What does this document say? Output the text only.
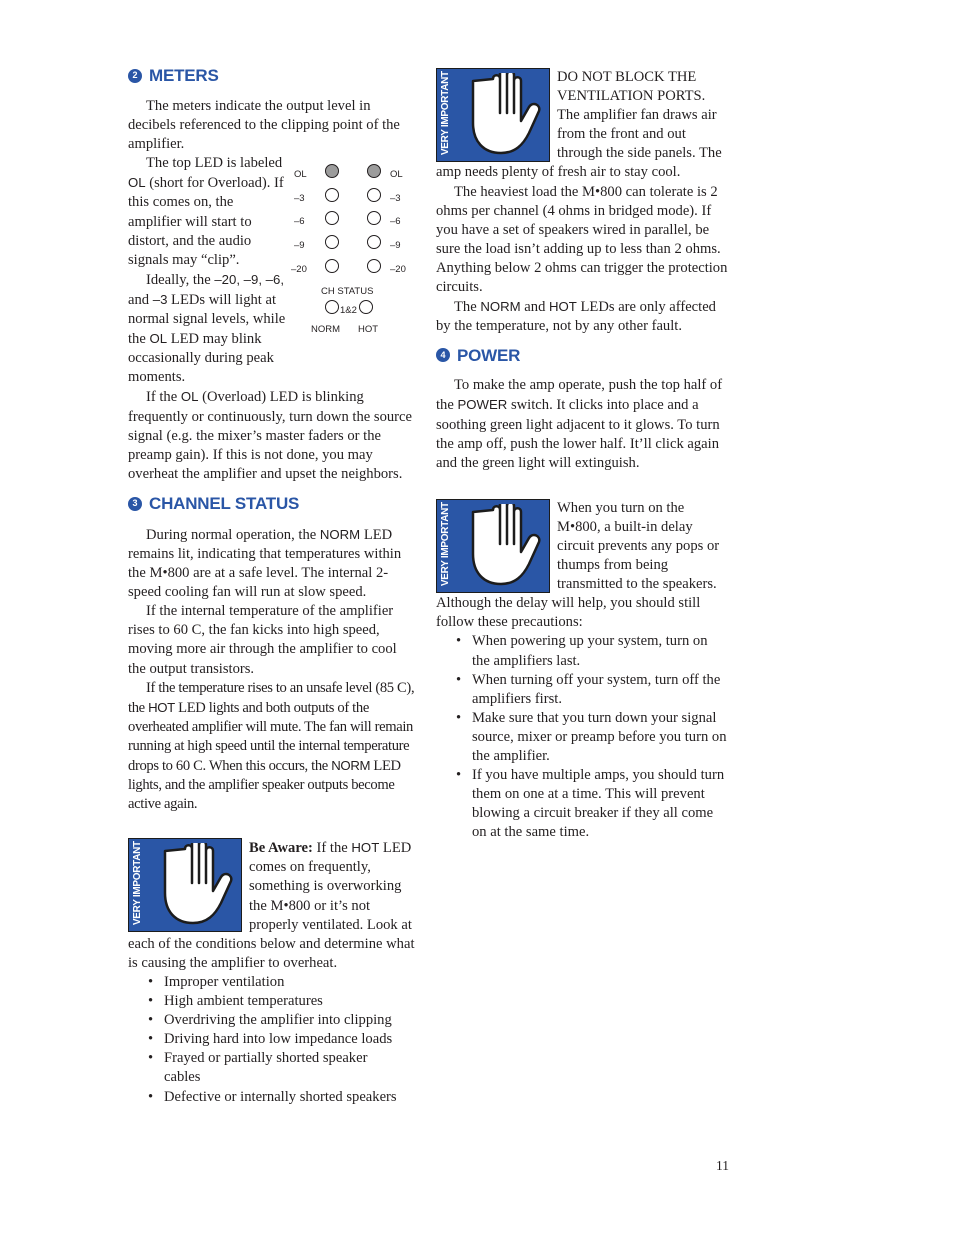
2 METERS

The meters indicate the output level in decibels referenced to the clipping point of the amplifier.

OL
–3
–6
–9
–20
OL
–3
–6
–9
–20
CH STATUS
1&2
NORM HOT

The top LED is labeled OL (short for Overload). If this comes on, the amplifier will start to distort, and the audio signals may “clip”.

Ideally, the –20, –9, –6, and –3 LEDs will light at normal signal levels, while the OL LED may blink occasionally during peak moments.

If the OL (Overload) LED is blinking frequently or continuously, turn down the source signal (e.g. the mixer’s master faders or the preamp gain). If this is not done, you may overheat the amplifier and upset the neighbors.

3 CHANNEL STATUS

During normal operation, the NORM LED remains lit, indicating that temperatures within the M•800 are at a safe level. The internal 2-speed cooling fan will run at slow speed.

If the internal temperature of the amplifier rises to 60 C, the fan kicks into high speed, moving more air through the amplifier to cool the output transistors.

If the temperature rises to an unsafe level (85 C), the HOT LED lights and both outputs of the overheated amplifier will mute. The fan will remain running at high speed until the internal temperature drops to 60 C. When this occurs, the NORM LED lights, and the amplifier speaker outputs become active again.

VERY IMPORTANT	Be Aware: If the HOT LED comes on frequently, something is overworking the M•800 or it’s not properly ventilated. Look at each of the conditions below and determine what is causing the amplifier to overheat.

• Improper ventilation
• High ambient temperatures
• Overdriving the amplifier into clipping
• Driving hard into low impedance loads
• Frayed or partially shorted speaker cables
• Defective or internally shorted speakers
VERY IMPORTANT	DO NOT BLOCK THE VENTILATION PORTS. The amplifier fan draws air from the front and out through the side panels. The amp needs plenty of fresh air to stay cool.

The heaviest load the M•800 can tolerate is 2 ohms per channel (4 ohms in bridged mode). If you have a set of speakers wired in parallel, be sure the load isn’t adding up to less than 2 ohms. Anything below 2 ohms can trigger the protection circuits.

The NORM and HOT LEDs are only affected by the temperature, not by any other fault.

4 POWER

To make the amp operate, push the top half of the POWER switch. It clicks into place and a soothing green light adjacent to it glows. To turn the amp off, push the lower half. It’ll click again and the green light will extinguish.

VERY IMPORTANT	When you turn on the M•800, a built-in delay circuit prevents any pops or thumps from being transmitted to the speakers. Although the delay will help, you should still follow these precautions:

• When powering up your system, turn on the amplifiers last.
• When turning off your system, turn off the amplifiers first.
• Make sure that you turn down your signal source, mixer or preamp before you turn on the amplifier.
• If you have multiple amps, you should turn them on one at a time. This will prevent blowing a circuit breaker if they all come on at the same time.
11
